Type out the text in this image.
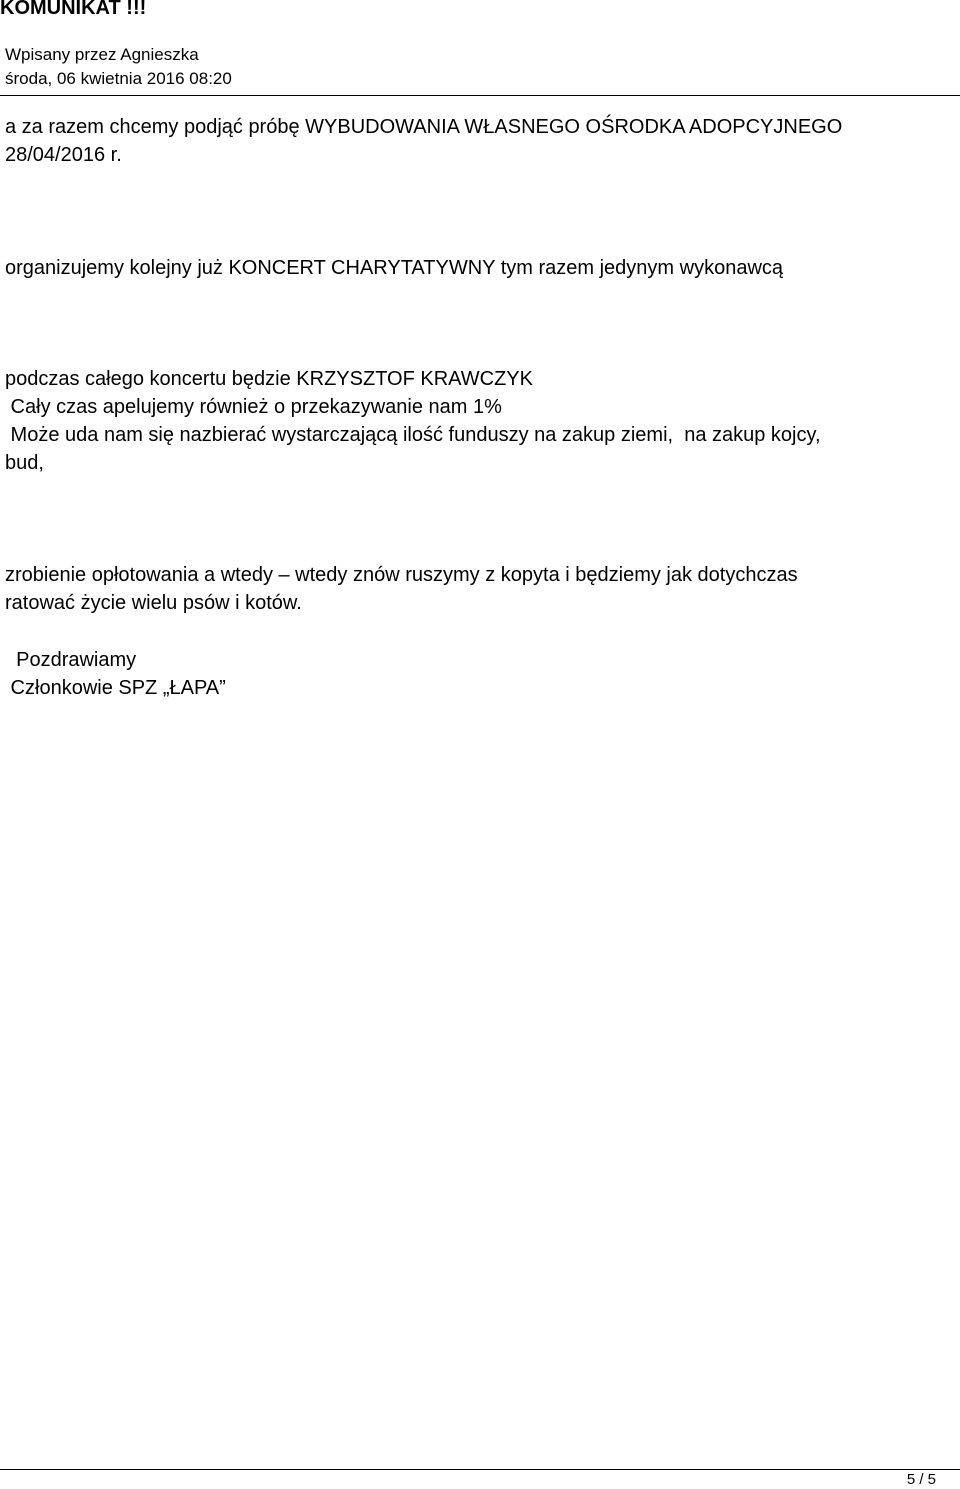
KOMUNIKAT !!!
Wpisany przez Agnieszka
środa, 06 kwietnia 2016 08:20
a za razem chcemy podjąć próbę WYBUDOWANIA WŁASNEGO OŚRODKA ADOPCYJNEGO
28/04/2016 r.
organizujemy kolejny już KONCERT CHARYTATYWNY tym razem jedynym wykonawcą
podczas całego koncertu będzie KRZYSZTOF KRAWCZYK
Cały czas apelujemy również o przekazywanie nam 1%
Może uda nam się nazbierać wystarczającą ilość funduszy na zakup ziemi,  na zakup kojcy,
bud,
zrobienie opłotowania a wtedy – wtedy znów ruszymy z kopyta i będziemy jak dotychczas
ratować życie wielu psów i kotów.
Pozdrawiamy
Członkowie SPZ „ŁAPA”
5 / 5
